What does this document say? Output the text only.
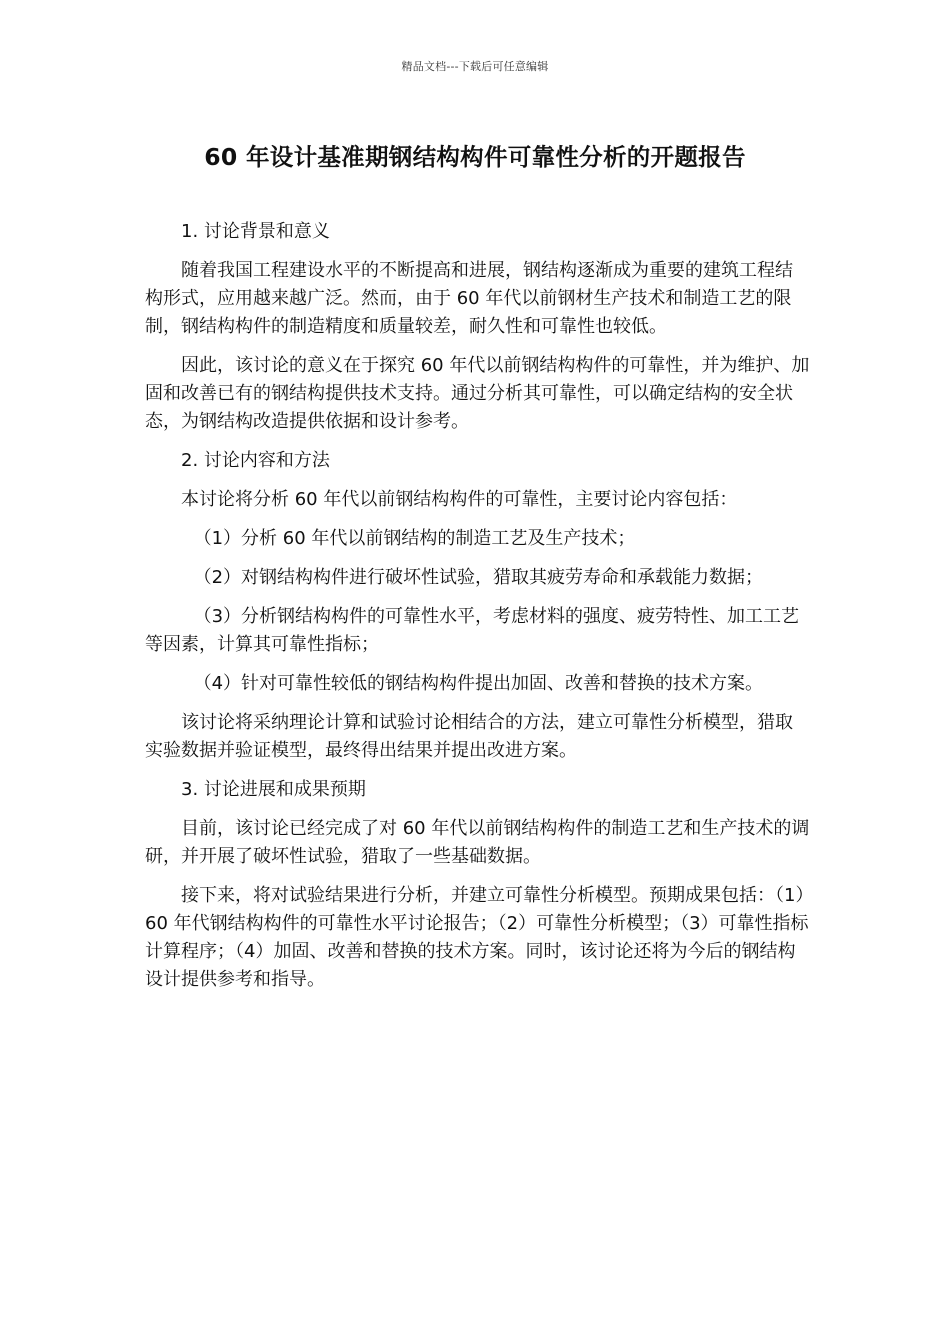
精品文档---下载后可任意编辑
60 年设计基准期钢结构构件可靠性分析的开题报告

1. 讨论背景和意义

随着我国工程建设水平的不断提高和进展，钢结构逐渐成为重要的建筑工程结构形式，应用越来越广泛。然而，由于 60 年代以前钢材生产技术和制造工艺的限制，钢结构构件的制造精度和质量较差，耐久性和可靠性也较低。

因此，该讨论的意义在于探究 60 年代以前钢结构构件的可靠性，并为维护、加固和改善已有的钢结构提供技术支持。通过分析其可靠性，可以确定结构的安全状态，为钢结构改造提供依据和设计参考。

2. 讨论内容和方法

本讨论将分析 60 年代以前钢结构构件的可靠性，主要讨论内容包括：

（1）分析 60 年代以前钢结构的制造工艺及生产技术；

（2）对钢结构构件进行破坏性试验，猎取其疲劳寿命和承载能力数据；

（3）分析钢结构构件的可靠性水平，考虑材料的强度、疲劳特性、加工工艺等因素，计算其可靠性指标；

（4）针对可靠性较低的钢结构构件提出加固、改善和替换的技术方案。

该讨论将采纳理论计算和试验讨论相结合的方法，建立可靠性分析模型，猎取实验数据并验证模型，最终得出结果并提出改进方案。

3. 讨论进展和成果预期

目前，该讨论已经完成了对 60 年代以前钢结构构件的制造工艺和生产技术的调研，并开展了破坏性试验，猎取了一些基础数据。

接下来，将对试验结果进行分析，并建立可靠性分析模型。预期成果包括：（1）60 年代钢结构构件的可靠性水平讨论报告；（2）可靠性分析模型；（3）可靠性指标计算程序；（4）加固、改善和替换的技术方案。同时，该讨论还将为今后的钢结构设计提供参考和指导。
